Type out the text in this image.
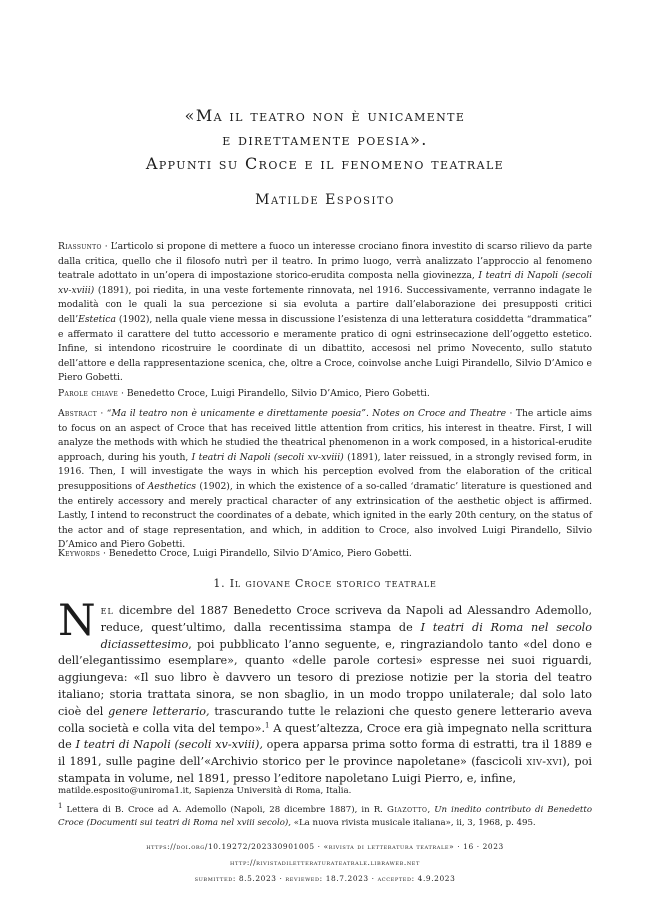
«Ma il teatro non è unicamente
e direttamente poesia».
Appunti su Croce e il fenomeno teatrale
Matilde Esposito
Riassunto · L’articolo si propone di mettere a fuoco un interesse crociano finora investito di scarso rilievo da parte dalla critica, quello che il filosofo nutrì per il teatro. In primo luogo, verrà analizzato l’approccio al fenomeno teatrale adottato in un’opera di impostazione storico-erudita composta nella giovinezza, I teatri di Napoli (secoli xv-xviii) (1891), poi riedita, in una veste fortemente rinnovata, nel 1916. Successivamente, verranno indagate le modalità con le quali la sua percezione si sia evoluta a partire dall’elaborazione dei presupposti critici dell’Estetica (1902), nella quale viene messa in discussione l’esistenza di una letteratura cosiddetta “drammatica” e affermato il carattere del tutto accessorio e meramente pratico di ogni estrinsecazione dell’oggetto estetico. Infine, si intendono ricostruire le coordinate di un dibattito, accesosi nel primo Novecento, sullo statuto dell’attore e della rappresentazione scenica, che, oltre a Croce, coinvolse anche Luigi Pirandello, Silvio D’Amico e Piero Gobetti.
Parole chiave · Benedetto Croce, Luigi Pirandello, Silvio D’Amico, Piero Gobetti.
Abstract · “Ma il teatro non è unicamente e direttamente poesia”. Notes on Croce and Theatre · The article aims to focus on an aspect of Croce that has received little attention from critics, his interest in theatre. First, I will analyze the methods with which he studied the theatrical phenomenon in a work composed, in a historical-erudite approach, during his youth, I teatri di Napoli (secoli xv-xviii) (1891), later reissued, in a strongly revised form, in 1916. Then, I will investigate the ways in which his perception evolved from the elaboration of the critical presuppositions of Aesthetics (1902), in which the existence of a so-called ‘dramatic’ literature is questioned and the entirely accessory and merely practical character of any extrinsication of the aesthetic object is affirmed. Lastly, I intend to reconstruct the coordinates of a debate, which ignited in the early 20th century, on the status of the actor and of stage representation, and which, in addition to Croce, also involved Luigi Pirandello, Silvio D’Amico and Piero Gobetti.
Keywords · Benedetto Croce, Luigi Pirandello, Silvio D’Amico, Piero Gobetti.
1. Il giovane Croce storico teatrale
Nel dicembre del 1887 Benedetto Croce scriveva da Napoli ad Alessandro Ademollo, reduce, quest’ultimo, dalla recentissima stampa de I teatri di Roma nel secolo diciassettesimo, poi pubblicato l’anno seguente, e, ringraziandolo tanto «del dono e dell’elegantissimo esemplare», quanto «delle parole cortesi» espresse nei suoi riguardi, aggiungeva: «Il suo libro è davvero un tesoro di preziose notizie per la storia del teatro italiano; storia trattata sinora, se non sbaglio, in un modo troppo unilaterale; dal solo lato cioè del genere letterario, trascurando tutte le relazioni che questo genere letterario aveva colla società e colla vita del tempo».$^1$ A quest’altezza, Croce era già impegnato nella scrittura de I teatri di Napoli (secoli xv-xviii), opera apparsa prima sotto forma di estratti, tra il 1889 e il 1891, sulle pagine dell’«Archivio storico per le province napoletane» (fascicoli xiv-xvi), poi stampata in volume, nel 1891, presso l’editore napoletano Luigi Pierro, e, infine,
matilde.esposito@uniroma1.it, Sapienza Università di Roma, Italia.
$^1$ Lettera di B. Croce ad A. Ademollo (Napoli, 28 dicembre 1887), in R. Giazotto, Un inedito contributo di Benedetto Croce (Documenti sui teatri di Roma nel xviii secolo), «La nuova rivista musicale italiana», ii, 3, 1968, p. 495.
https://doi.org/10.19272/202330901005 · «rivista di letteratura teatrale» · 16 · 2023
http://rivistadiletteraturateatrale.libraweb.net
submitted: 8.5.2023 · reviewed: 18.7.2023 · accepted: 4.9.2023
